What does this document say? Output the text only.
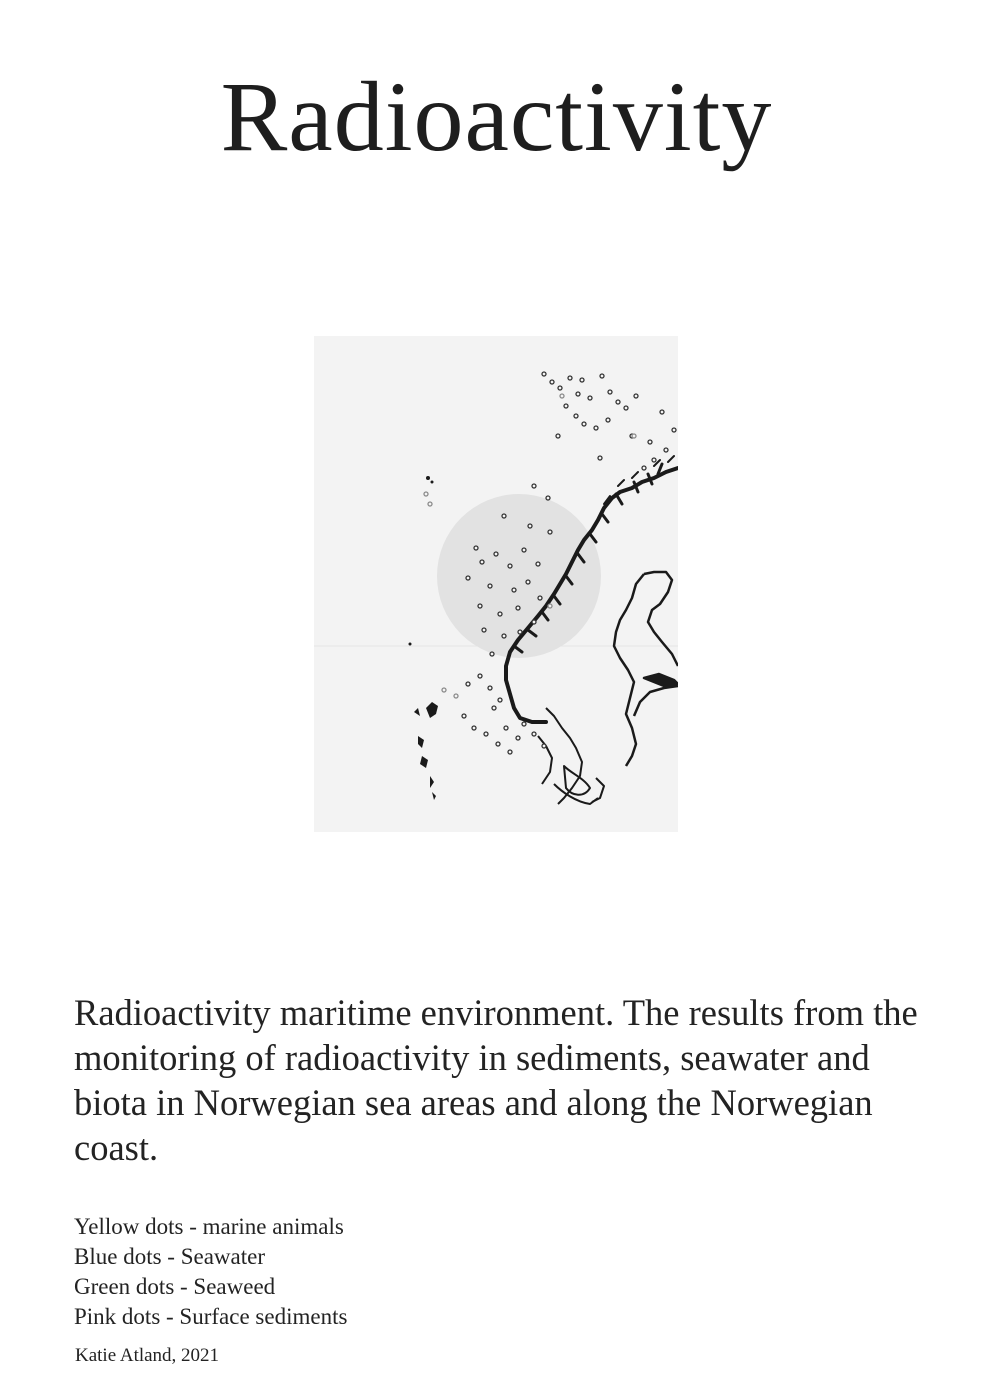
Radioactivity

Radioactivity maritime environment. The results from the monitoring of radioactivity in sediments, seawater and biota in Norwegian sea areas and along the Norwegian coast.

Yellow dots - marine animals
Blue dots - Seawater
Green dots - Seaweed
Pink dots - Surface sediments
Katie Atland, 2021
